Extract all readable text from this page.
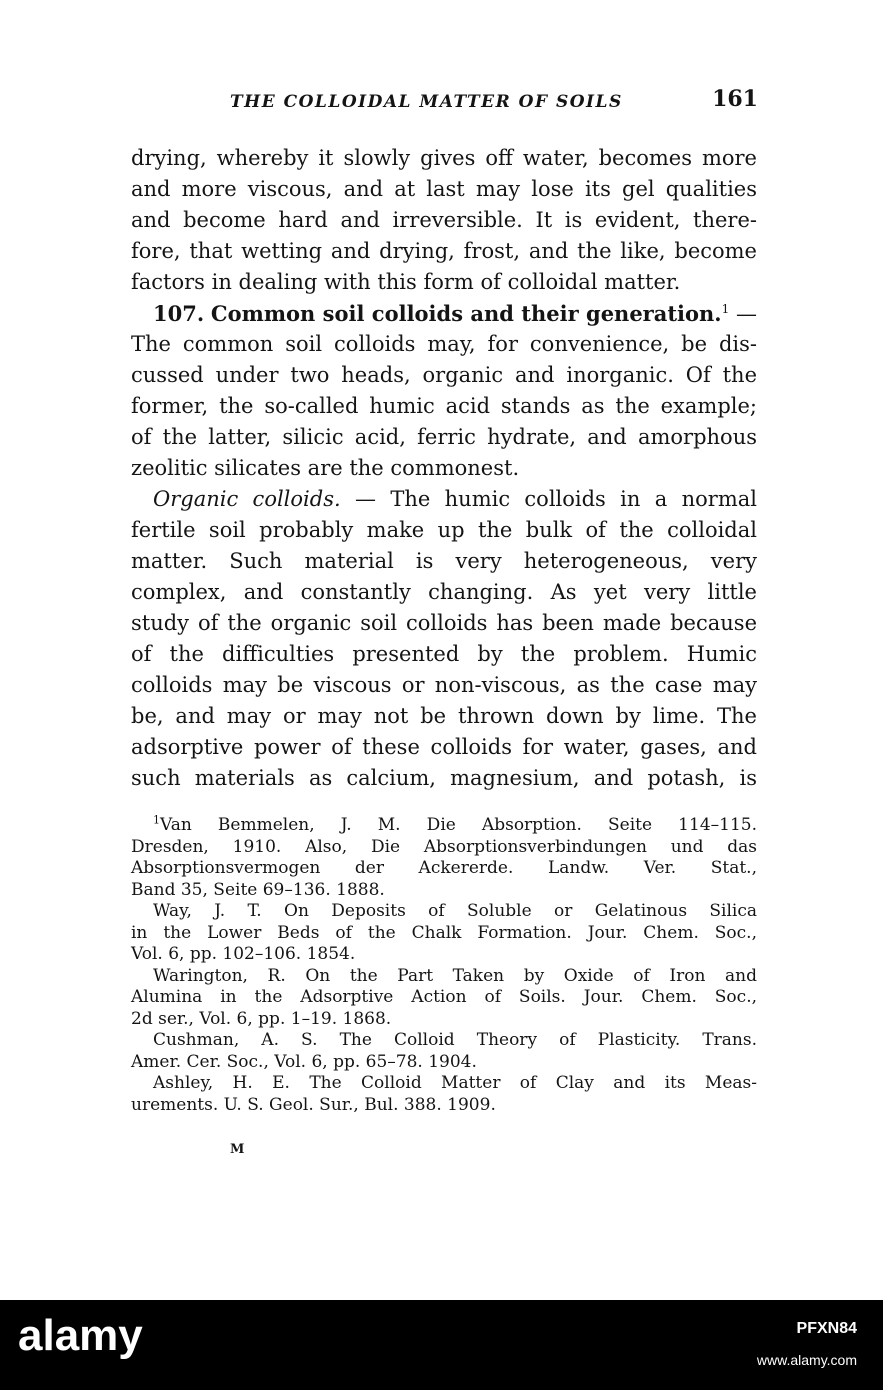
THE COLLOIDAL MATTER OF SOILS	161
drying, whereby it slowly gives off water, becomes more
and more viscous, and at last may lose its gel qualities
and become hard and irreversible. It is evident, there-
fore, that wetting and drying, frost, and the like, become
factors in dealing with this form of colloidal matter.
107. Common soil colloids and their generation.$^1$ —
The common soil colloids may, for convenience, be dis-
cussed under two heads, organic and inorganic. Of the
former, the so-called humic acid stands as the example;
of the latter, silicic acid, ferric hydrate, and amorphous
zeolitic silicates are the commonest.
Organic colloids. — The humic colloids in a normal
fertile soil probably make up the bulk of the colloidal
matter. Such material is very heterogeneous, very
complex, and constantly changing. As yet very little
study of the organic soil colloids has been made because
of the difficulties presented by the problem. Humic
colloids may be viscous or non-viscous, as the case may
be, and may or may not be thrown down by lime. The
adsorptive power of these colloids for water, gases, and
such materials as calcium, magnesium, and potash, is
$^1$Van Bemmelen, J. M. Die Absorption. Seite 114–115.
Dresden, 1910. Also, Die Absorptionsverbindungen und das
Absorptionsvermogen der Ackererde. Landw. Ver. Stat.,
Band 35, Seite 69–136. 1888.
Way, J. T. On Deposits of Soluble or Gelatinous Silica
in the Lower Beds of the Chalk Formation. Jour. Chem. Soc.,
Vol. 6, pp. 102–106. 1854.
Warington, R. On the Part Taken by Oxide of Iron and
Alumina in the Adsorptive Action of Soils. Jour. Chem. Soc.,
2d ser., Vol. 6, pp. 1–19. 1868.
Cushman, A. S. The Colloid Theory of Plasticity. Trans.
Amer. Cer. Soc., Vol. 6, pp. 65–78. 1904.
Ashley, H. E. The Colloid Matter of Clay and its Meas-
urements. U. S. Geol. Sur., Bul. 388. 1909.
M
alamy	PFXN84
www.alamy.com
